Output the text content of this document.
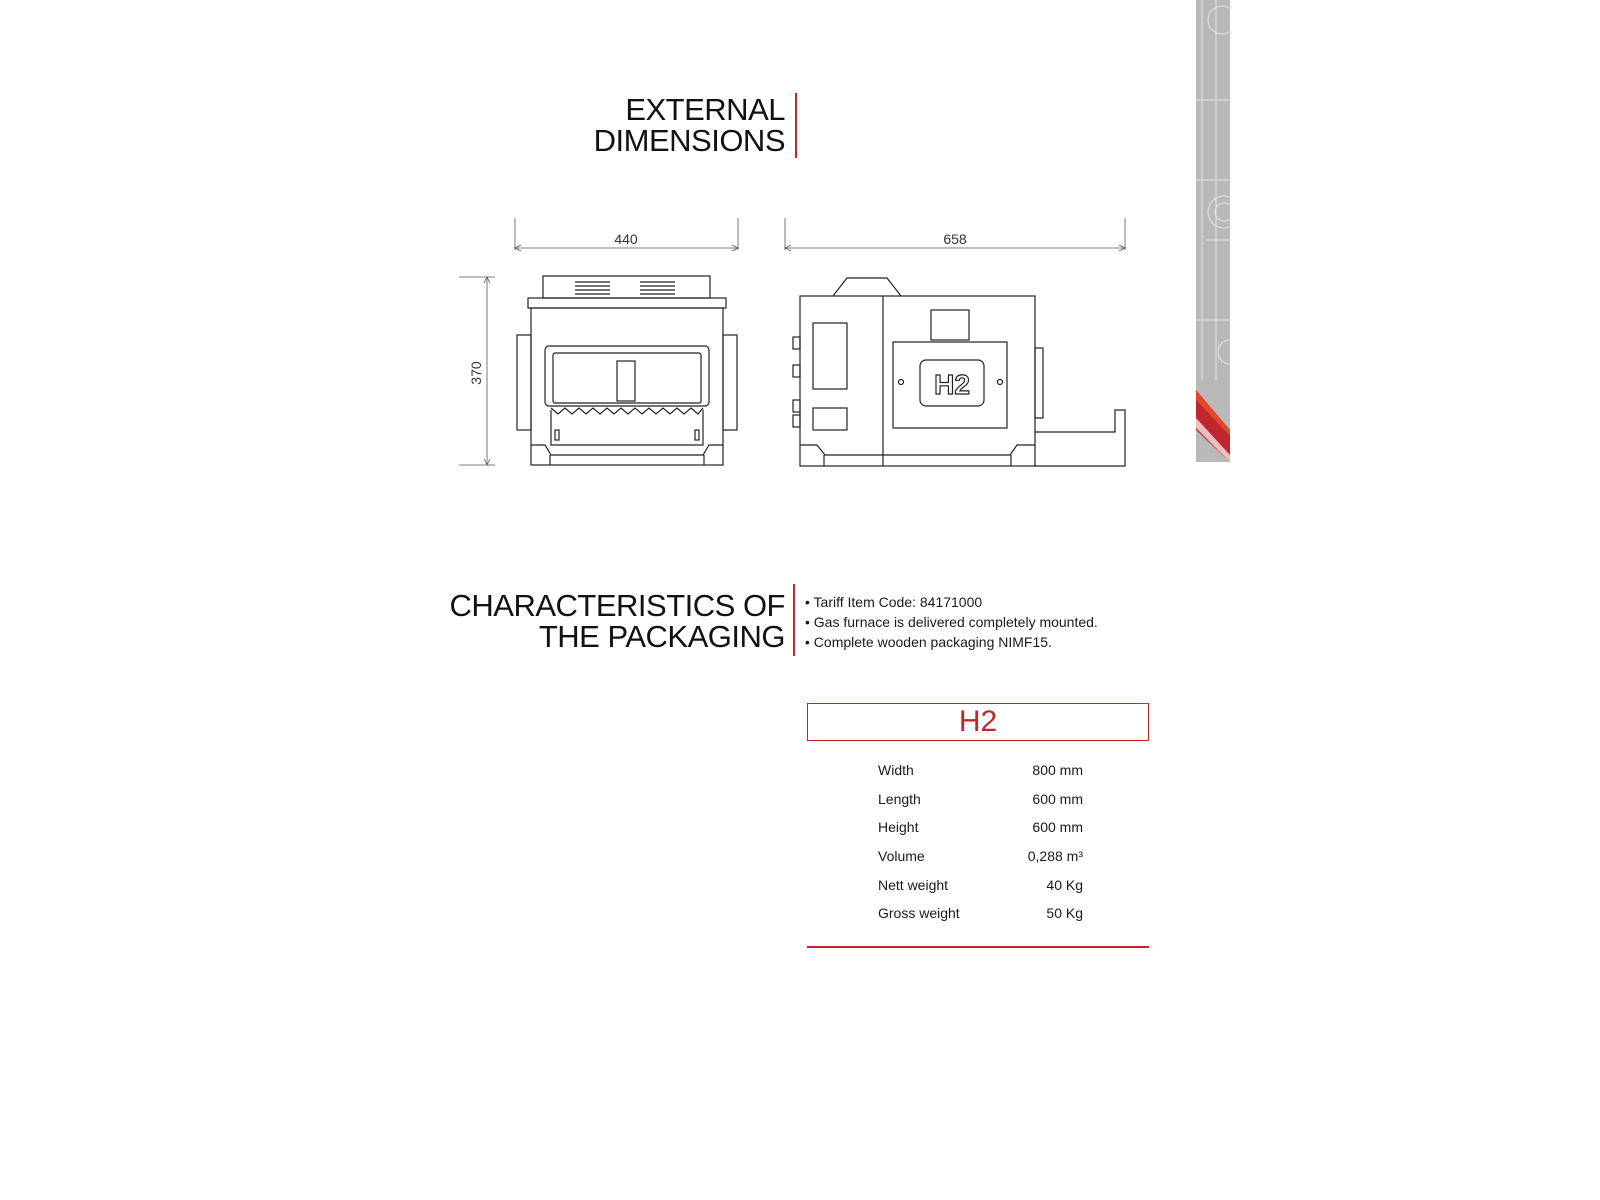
EXTERNAL
DIMENSIONS
440
370
658
H2
CHARACTERISTICS OF
THE PACKAGING
• Tariff Item Code: 84171000
• Gas furnace is delivered completely mounted.
• Complete wooden packaging NIMF15.
H2
Width	800 mm
Length	600 mm
Height	600 mm
Volume	0,288 m³
Nett weight	40 Kg
Gross weight	50 Kg
